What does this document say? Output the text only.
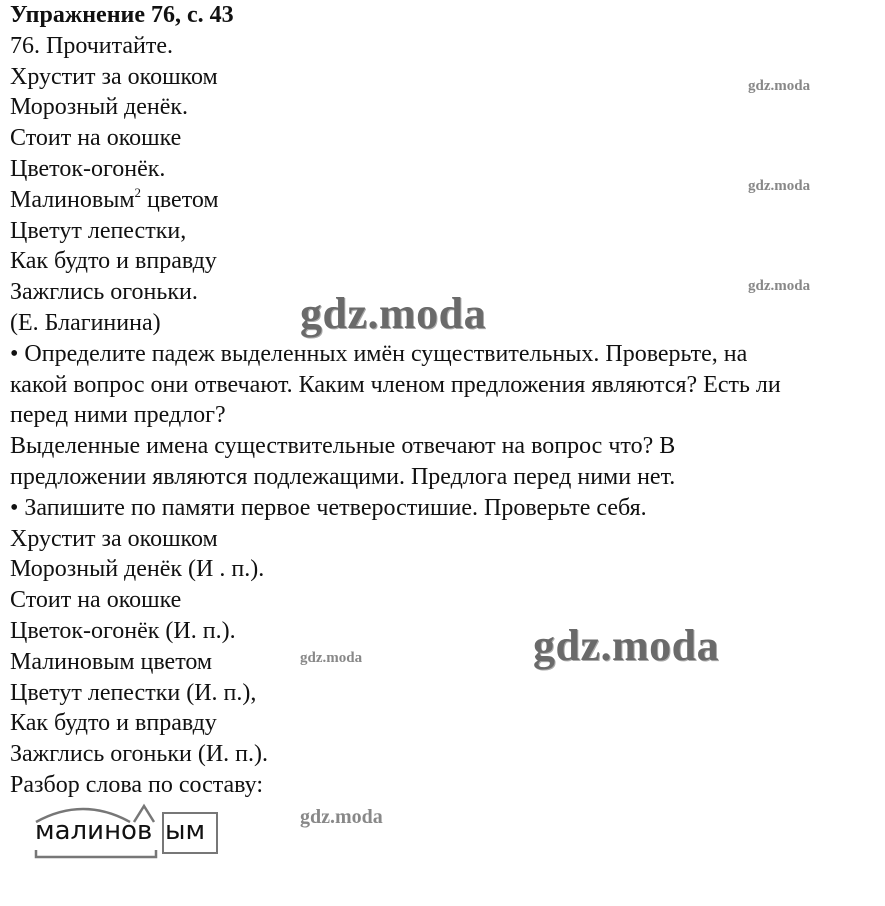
Упражнение 76, с. 43
76. Прочитайте.
Хрустит за окошком
Морозный денёк.
Стоит на окошке
Цветок-огонёк.
Малиновым$^2$ цветом
Цветут лепестки,
Как будто и вправду
Зажглись огоньки.
(Е. Благинина)
• Определите падеж выделенных имён существительных. Проверьте, на
какой вопрос они отвечают. Каким членом предложения являются? Есть ли
перед ними предлог?
Выделенные имена существительные отвечают на вопрос что? В
предложении являются подлежащими. Предлога перед ними нет.
• Запишите по памяти первое четверостишие. Проверьте себя.
Хрустит за окошком
Морозный денёк (И . п.).
Стоит на окошке
Цветок-огонёк (И. п.).
Малиновым цветом
Цветут лепестки (И. п.),
Как будто и вправду
Зажглись огоньки (И. п.).
Разбор слова по составу:
малинов ым
gdz.moda
gdz.moda
gdz.moda
gdz.moda
gdz.moda
gdz.moda
gdz.moda
